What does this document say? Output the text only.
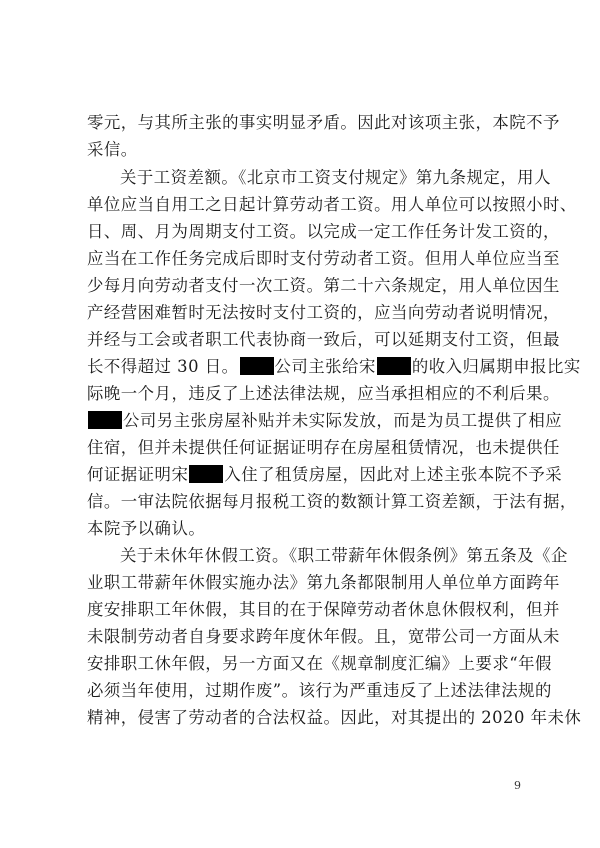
零元，与其所主张的事实明显矛盾。因此对该项主张，本院不予
采信。
关于工资差额。《北京市工资支付规定》第九条规定，用人
单位应当自用工之日起计算劳动者工资。用人单位可以按照小时、
日、周、月为周期支付工资。以完成一定工作任务计发工资的，
应当在工作任务完成后即时支付劳动者工资。但用人单位应当至
少每月向劳动者支付一次工资。第二十六条规定，用人单位因生
产经营困难暂时无法按时支付工资的，应当向劳动者说明情况，
并经与工会或者职工代表协商一致后，可以延期支付工资，但最
长不得超过 30 日。 公司主张给宋 的收入归属期申报比实
际晚一个月，违反了上述法律法规，应当承担相应的不利后果。
公司另主张房屋补贴并未实际发放，而是为员工提供了相应
住宿，但并未提供任何证据证明存在房屋租赁情况，也未提供任
何证据证明宋 入住了租赁房屋，因此对上述主张本院不予采
信。一审法院依据每月报税工资的数额计算工资差额，于法有据，
本院予以确认。
关于未休年休假工资。《职工带薪年休假条例》第五条及《企
业职工带薪年休假实施办法》第九条都限制用人单位单方面跨年
度安排职工年休假，其目的在于保障劳动者休息休假权利，但并
未限制劳动者自身要求跨年度休年假。且，宽带公司一方面从未
安排职工休年假，另一方面又在《规章制度汇编》上要求“年假
必须当年使用，过期作废”。该行为严重违反了上述法律法规的
精神，侵害了劳动者的合法权益。因此，对其提出的 2020 年未休
9
